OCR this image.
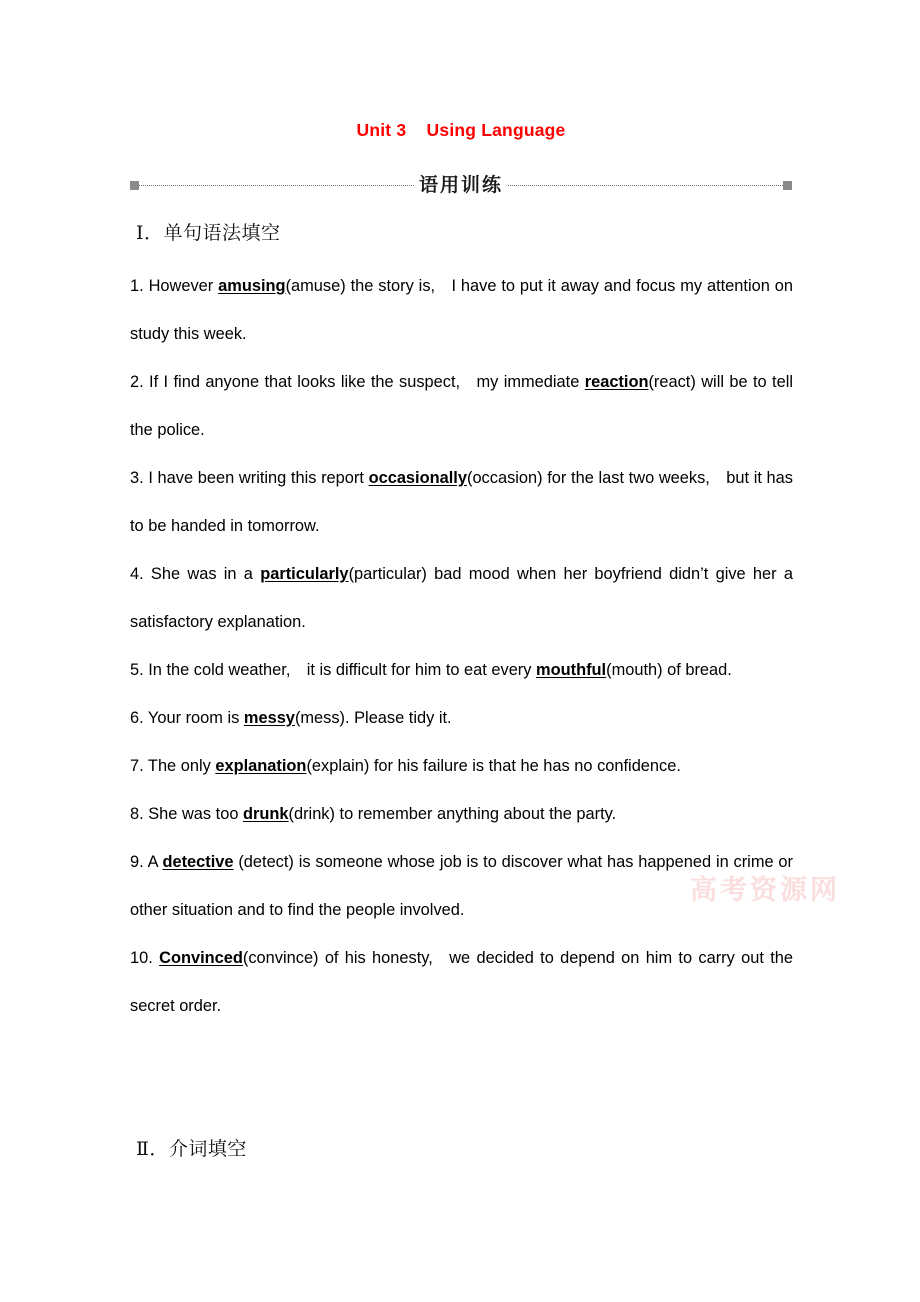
Unit 3    Using Language
语用训练
Ⅰ．单句语法填空

1. However amusing(amuse) the story is, I have to put it away and focus my attention on study this week.

2. If I find anyone that looks like the suspect, my immediate reaction(react) will be to tell the police.

3. I have been writing this report occasionally(occasion) for the last two weeks, but it has to be handed in tomorrow.

4. She was in a particularly(particular) bad mood when her boyfriend didn’t give her a satisfactory explanation.

5. In the cold weather, it is difficult for him to eat every mouthful(mouth) of bread.

6. Your room is messy(mess). Please tidy it.

7. The only explanation(explain) for his failure is that he has no confidence.

8. She was too drunk(drink) to remember anything about the party.

9. A detective (detect) is someone whose job is to discover what has happened in crime or other situation and to find the people involved.

10. Convinced(convince) of his honesty, we decided to depend on him to carry out the secret order.

Ⅱ．介词填空
高考资源网
